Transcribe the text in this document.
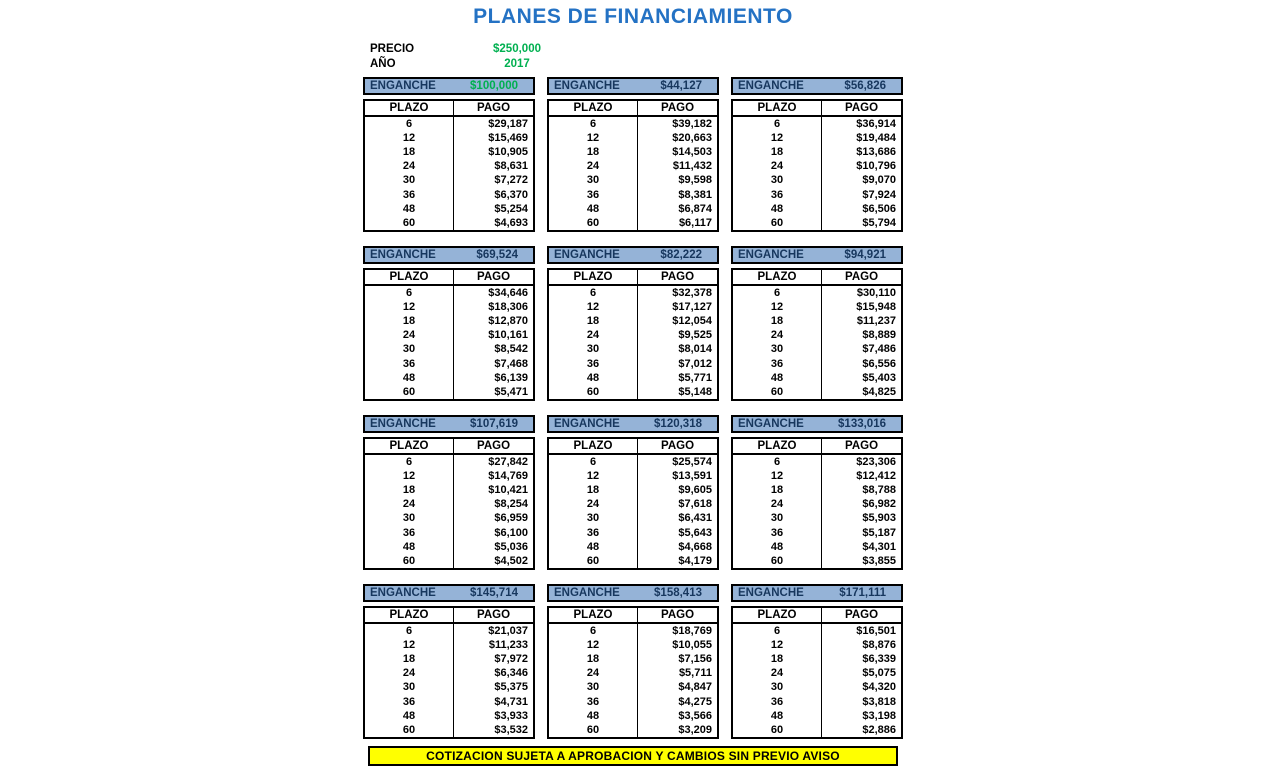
PLANES DE FINANCIAMIENTO
PRECIO	$250,000
AÑO	2017
ENGANCHE	$100,000
PLAZO	PAGO
6	$29,187
12	$15,469
18	$10,905
24	$8,631
30	$7,272
36	$6,370
48	$5,254
60	$4,693
ENGANCHE	$44,127
PLAZO	PAGO
6	$39,182
12	$20,663
18	$14,503
24	$11,432
30	$9,598
36	$8,381
48	$6,874
60	$6,117
ENGANCHE	$56,826
PLAZO	PAGO
6	$36,914
12	$19,484
18	$13,686
24	$10,796
30	$9,070
36	$7,924
48	$6,506
60	$5,794
ENGANCHE	$69,524
PLAZO	PAGO
6	$34,646
12	$18,306
18	$12,870
24	$10,161
30	$8,542
36	$7,468
48	$6,139
60	$5,471
ENGANCHE	$82,222
PLAZO	PAGO
6	$32,378
12	$17,127
18	$12,054
24	$9,525
30	$8,014
36	$7,012
48	$5,771
60	$5,148
ENGANCHE	$94,921
PLAZO	PAGO
6	$30,110
12	$15,948
18	$11,237
24	$8,889
30	$7,486
36	$6,556
48	$5,403
60	$4,825
ENGANCHE	$107,619
PLAZO	PAGO
6	$27,842
12	$14,769
18	$10,421
24	$8,254
30	$6,959
36	$6,100
48	$5,036
60	$4,502
ENGANCHE	$120,318
PLAZO	PAGO
6	$25,574
12	$13,591
18	$9,605
24	$7,618
30	$6,431
36	$5,643
48	$4,668
60	$4,179
ENGANCHE	$133,016
PLAZO	PAGO
6	$23,306
12	$12,412
18	$8,788
24	$6,982
30	$5,903
36	$5,187
48	$4,301
60	$3,855
ENGANCHE	$145,714
PLAZO	PAGO
6	$21,037
12	$11,233
18	$7,972
24	$6,346
30	$5,375
36	$4,731
48	$3,933
60	$3,532
ENGANCHE	$158,413
PLAZO	PAGO
6	$18,769
12	$10,055
18	$7,156
24	$5,711
30	$4,847
36	$4,275
48	$3,566
60	$3,209
ENGANCHE	$171,111
PLAZO	PAGO
6	$16,501
12	$8,876
18	$6,339
24	$5,075
30	$4,320
36	$3,818
48	$3,198
60	$2,886
COTIZACION SUJETA A APROBACION Y CAMBIOS SIN PREVIO AVISO
